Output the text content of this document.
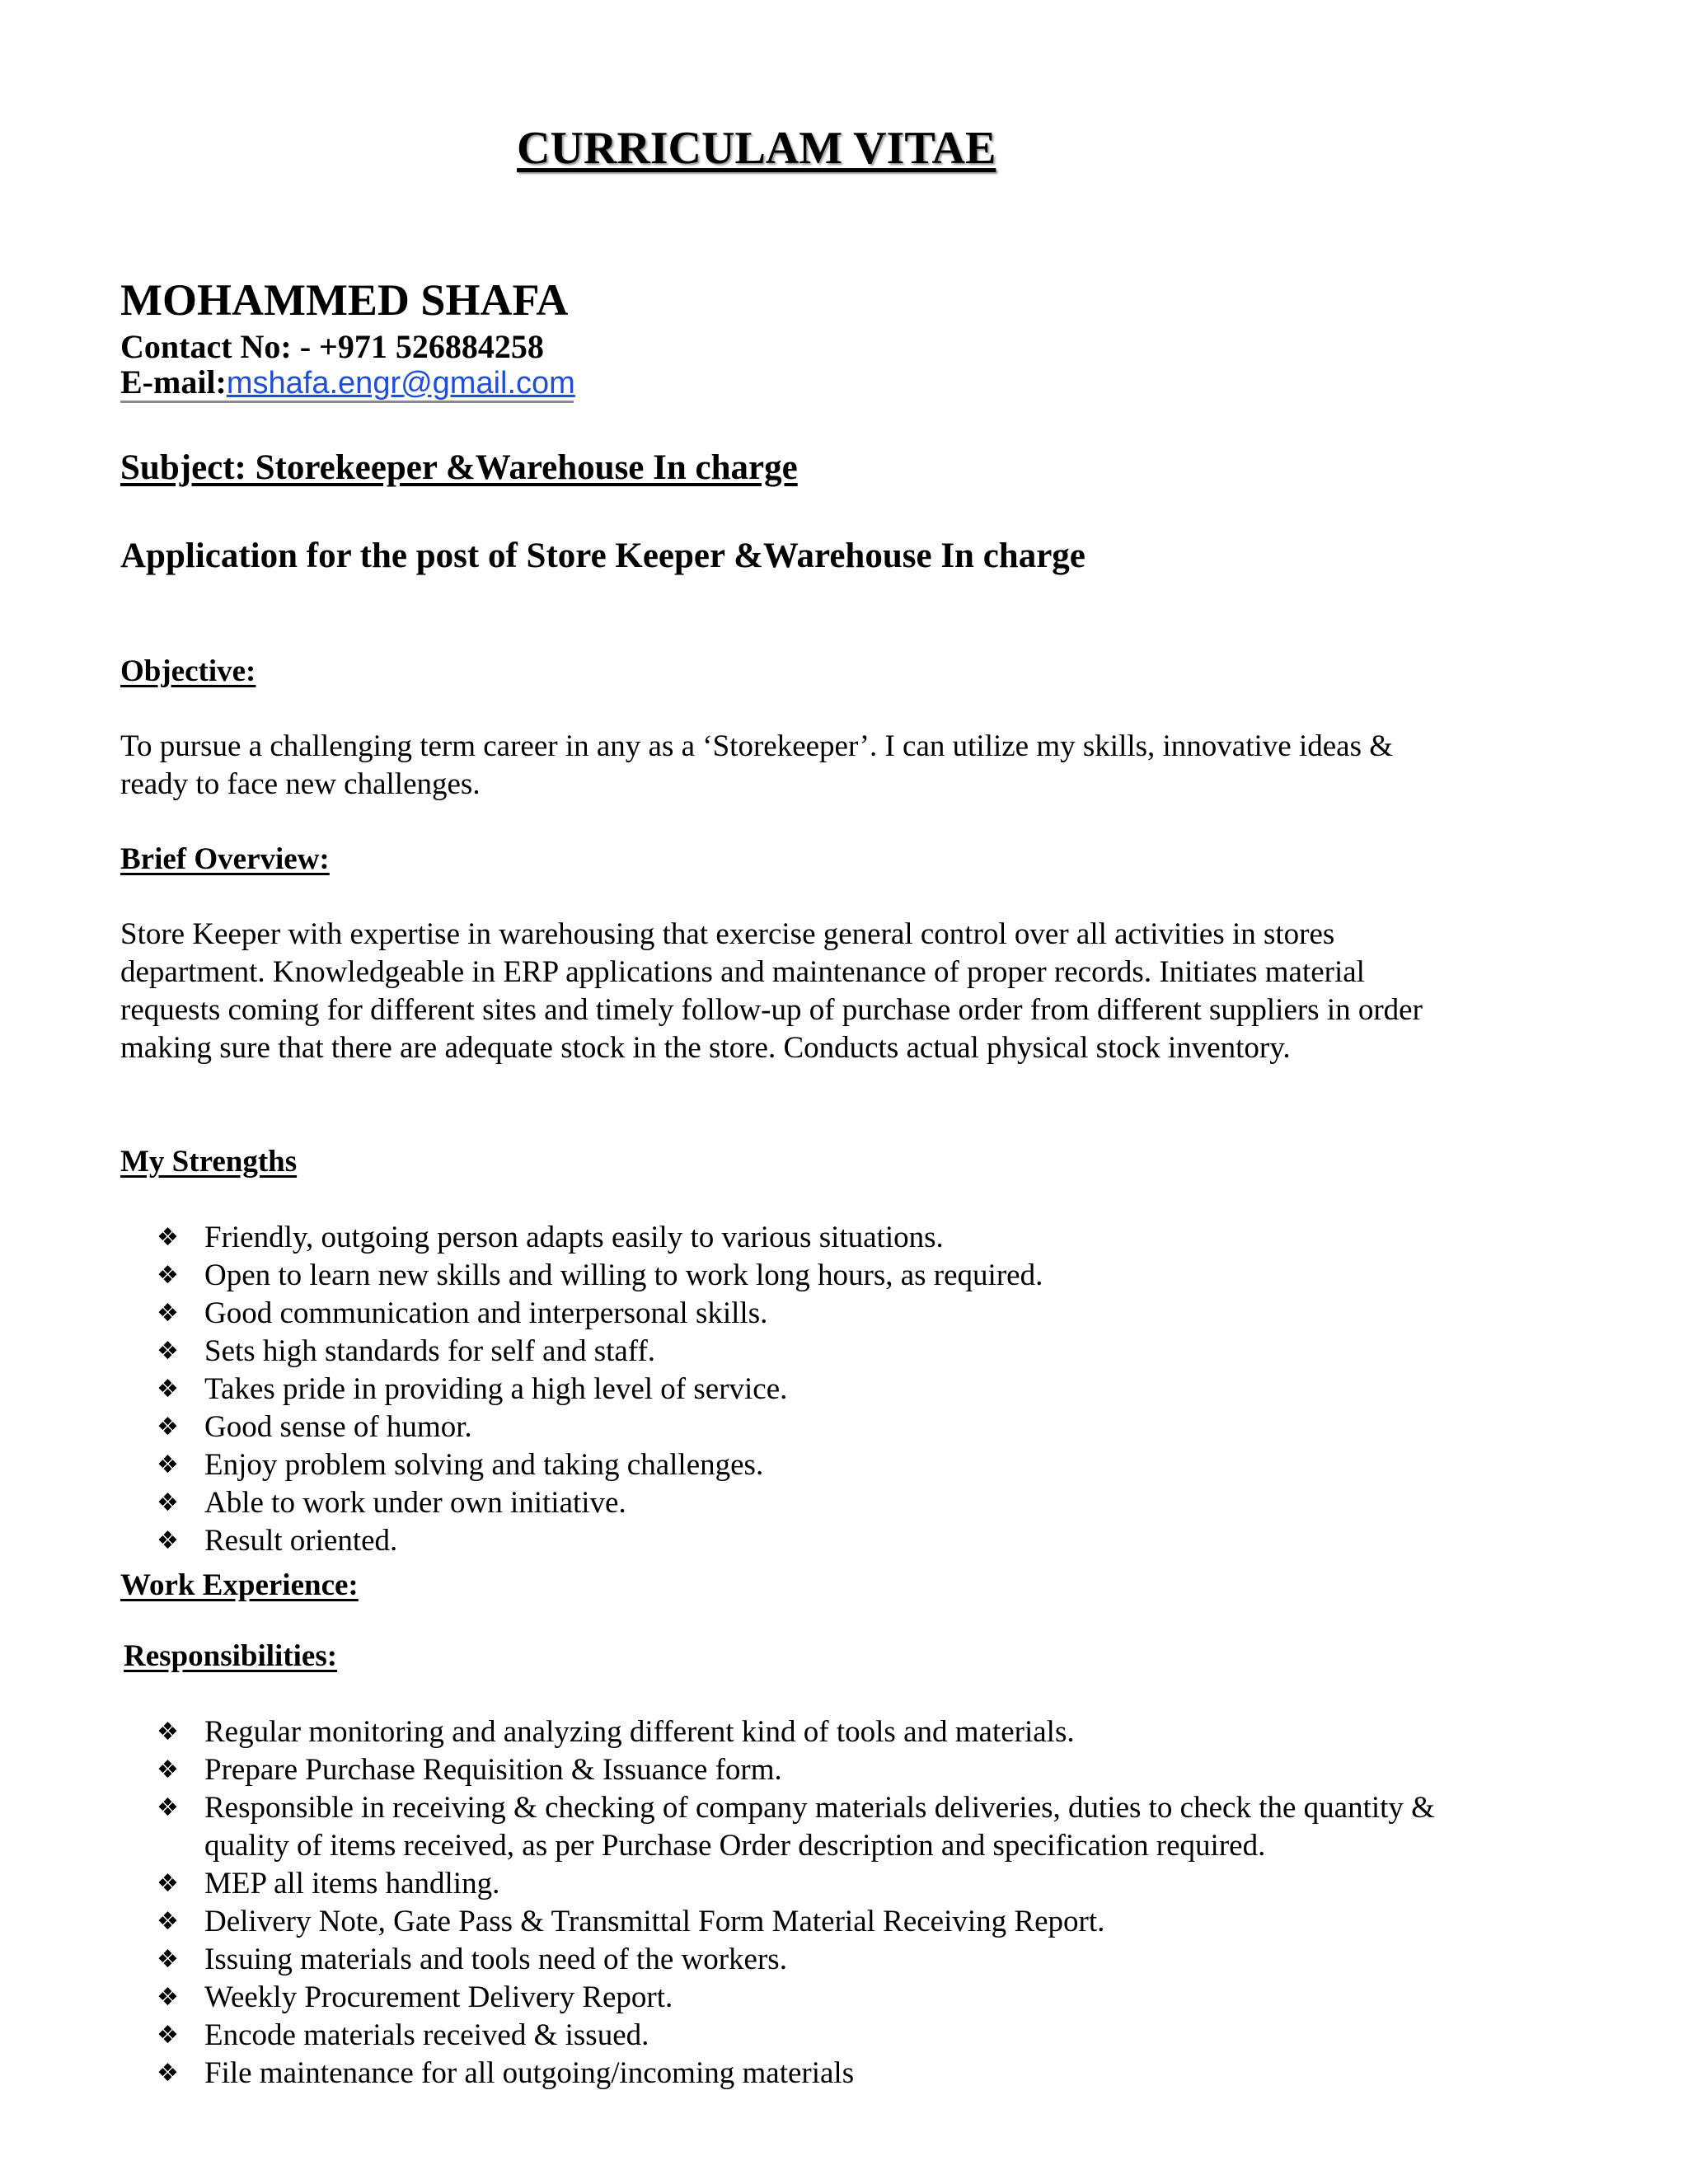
CURRICULAM VITAE
MOHAMMED SHAFA
Contact No: - +971 526884258
E-mail:mshafa.engr@gmail.com
Subject: Storekeeper &Warehouse In charge
Application for the post of Store Keeper &Warehouse In charge
Objective:
To pursue a challenging term career in any as a ‘Storekeeper’. I can utilize my skills, innovative ideas &
ready to face new challenges.
Brief Overview:
Store Keeper with expertise in warehousing that exercise general control over all activities in stores
department. Knowledgeable in ERP applications and maintenance of proper records. Initiates material
requests coming for different sites and timely follow-up of purchase order from different suppliers in order
making sure that there are adequate stock in the store. Conducts actual physical stock inventory.
My Strengths
❖ Friendly, outgoing person adapts easily to various situations.
❖ Open to learn new skills and willing to work long hours, as required.
❖ Good communication and interpersonal skills.
❖ Sets high standards for self and staff.
❖ Takes pride in providing a high level of service.
❖ Good sense of humor.
❖ Enjoy problem solving and taking challenges.
❖ Able to work under own initiative.
❖ Result oriented.
Work Experience:
Responsibilities:
❖ Regular monitoring and analyzing different kind of tools and materials.
❖ Prepare Purchase Requisition & Issuance form.
❖ Responsible in receiving & checking of company materials deliveries, duties to check the quantity &
quality of items received, as per Purchase Order description and specification required.
❖ MEP all items handling.
❖ Delivery Note, Gate Pass & Transmittal Form Material Receiving Report.
❖ Issuing materials and tools need of the workers.
❖ Weekly Procurement Delivery Report.
❖ Encode materials received & issued.
❖ File maintenance for all outgoing/incoming materials
